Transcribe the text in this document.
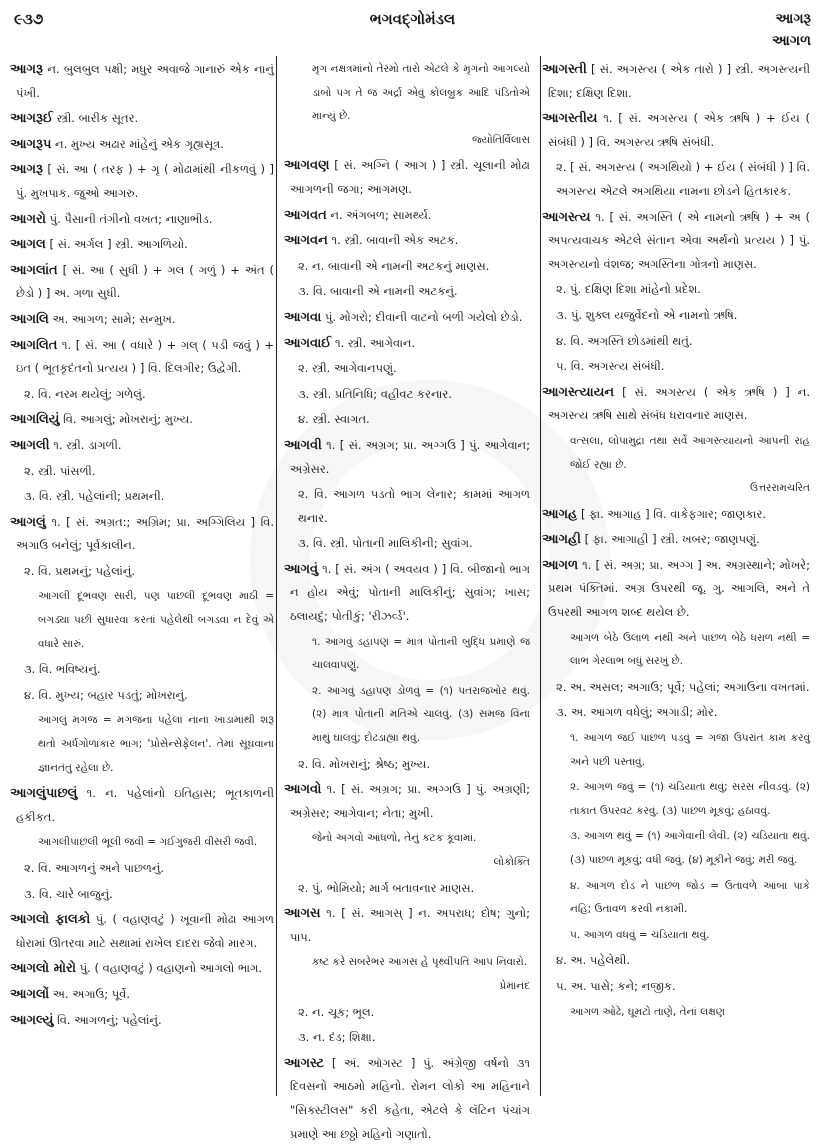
૯૩૭	ભગવદ્ગોમંડલ	આગરૂ
આગળ
આગરૂ ન. બુલબુલ પક્ષી; મધુર અવાજે ગાનારું એક નાનું પંખી.
આગરૂઈ સ્ત્રી. બારીક સૂતર.
આગરૂપ ન. મુખ્ય અઢાર માંહેનું એક ગૃહ્યસૂત્ર.
આગરૂ [ સં. આ ( તરફ ) + ગૃ ( મોઢામાંથી નીકળવું ) ] પું. મુખપાક. જુઓ આગરુ.
આગરો પું. પૈસાની તંગીનો વખત; નાણાભીડ.
આગલ [ સં. અર્ગલ ] સ્ત્રી. આગળિયો.
આગલાંત [ સં. આ ( સુધી ) + ગલ ( ગળું ) + અંત ( છેડો ) ] અ. ગળા સુધી.
આગલિ અ. આગળ; સામે; સન્મુખ.
આગલિત ૧. [ સં. આ ( વધારે ) + ગલ્ ( પડી જવું ) + ઇત ( ભૂતકૃદંતનો પ્રત્યય ) ] વિ. દિલગીર; ઉદ્વેગી.
૨. વિ. નરમ થયેલું; ગળેલું.
આગલિયું વિ. આગલું; મોખરાનું; મુખ્ય.
આગલી ૧. સ્ત્રી. ડાગળી.
૨. સ્ત્રી. પાંસળી.
૩. વિ. સ્ત્રી. પહેલાંની; પ્રથમની.
આગલું ૧. [ સં. અગ્રત:; અગ્રિમ; પ્રા. અગ્ગિલિય ] વિ. અગાઉ બનેલું; પૂર્વકાલીન.
૨. વિ. પ્રથમનું; પહેલાંનું.
આગલી દૂભવણ સારી, પણ પાછલી દૂભવણ માઠી = બગડ્યા પછી સુધારવા કરતાં પહેલેથી બગડવા ન દેવું એ વધારે સારું.
૩. વિ. ભવિષ્યનું.
૪. વિ. મુખ્ય; બહાર પડતું; મોખરાનું.
આગલું મગજ = મગજના પહેલા નાના ખાડામાંથી શરૂ થતો અર્ધગોળાકાર ભાગ; 'પ્રોસેન્સેફેલન'. તેમાં સૂંઘવાના જ્ઞાનતંતુ રહેલા છે.
આગલુંપાછલું ૧. ન. પહેલાંનો ઇતિહાસ; ભૂતકાળની હકીકત.
આગલીપાછલી ભૂલી જવી = ગઈગુજરી વીસરી જવી.
૨. વિ. આગળનું અને પાછળનું.
૩. વિ. ચારે બાજુનું.
આગલો ફાલકો પું. ( વહાણવટું ) ખૂવાની મોઢા આગળ ધોરામાં ઊતરવા માટે સથામાં રાખેલ દાદરા જેવો મારગ.
આગલો મોરો પું. ( વહાણવટું ) વહાણનો આગલો ભાગ.
આગલોં અ. અગાઉ; પૂર્વે.
આગલ્યું વિ. આગળનું; પહેલાંનું.
મૃગ નક્ષત્રમાંનો તેરમો તારો એટલે કે મૃગનો આગલ્યો ડાબો પગ તે જ અર્દ્રા એવું કોલબ્રુક આદિ પંડિતોએ માન્યું છે.
જ્યોતિર્વિલાસ
આગવણ [ સં. અગ્નિ ( આગ ) ] સ્ત્રી. ચૂલાની મોઢા આગળની જગા; આગમણ.
આગવત ન. અંગબળ; સામર્થ્ય.
આગવન ૧. સ્ત્રી. બાવાની એક અટક.
૨. ન. બાવાની એ નામની અટકનું માણસ.
૩. વિ. બાવાની એ નામની અટકનું.
આગવા પું. મોગરો; દીવાની વાટનો બળી ગયેલો છેડો.
આગવાઈ ૧. સ્ત્રી. આગેવાન.
૨. સ્ત્રી. આગેવાનપણું.
૩. સ્ત્રી. પ્રતિનિધિ; વહીવટ કરનાર.
૪. સ્ત્રી. સ્વાગત.
આગવી ૧. [ સં. અગ્રગ; પ્રા. અગ્ગઉ ] પું. આગેવાન; અગ્રેસર.
૨. વિ. આગળ પડતો ભાગ લેનાર; કામમાં આગળ થનાર.
૩. વિ. સ્ત્રી. પોતાની માલિકીની; સુવાંગ.
આગવું ૧. [ સં. અંગ ( અવયવ ) ] વિ. બીજાનો ભાગ ન હોય એવું; પોતાની માલિકીનું; સુવાંગ; ખાસ; ઠલાયદું; પોતીકું; 'રીઝર્વ્ડ'.
૧. આગવું ડહાપણ = માત્ર પોતાની બુદ્ધિ પ્રમાણે જ ચાલવાપણું.
૨. આગવું ડહાપણ ડોળવું = (૧) પતરાજખોર થવું. (૨) માત્ર પોતાની મતિએ ચાલવું. (૩) સમજ વિના માથું ઘાલવું; દોઢડાહ્યા થવું.
૨. વિ. મોખરાનું; શ્રેષ્ઠ; મુખ્ય.
આગવો ૧. [ સં. અગ્રગ; પ્રા. અગ્ગઉ ] પું. અગ્રણી; અગ્રેસર; આગેવાન; નેતા; મુખી.
જેનો અગવો આંધળો, તેનું કટક કૂવામાં.
લોકોક્તિ
૨. પું. ભોમિયો; માર્ગ બતાવનાર માણસ.
આગસ ૧. [ સં. આગસ્ ] ન. અપરાધ; દોષ; ગુનો; પાપ.
કષ્ટ કરે સબરેભર આગસ હે પૃથ્વીપતિ આપ નિવારો.
પ્રેમાનંદ
૨. ન. ચૂક; ભૂલ.
૩. ન. દંડ; શિક્ષા.
આગસ્ટ [ અં. ઑગસ્ટ ] પું. અંગ્રેજી વર્ષનો ૩૧ દિવસનો આઠમો મહિનો. રોમન લોકો આ મહિનાને "સિક્સ્ટીલસ" કરી કહેતા, એટલે કે લૅટિન પંચાંગ પ્રમાણે આ છઠ્ઠો મહિનો ગણાતો.
આગસ્તી [ સં. અગસ્ત્ય ( એક તારો ) ] સ્ત્રી. અગસ્ત્યની દિશા; દક્ષિણ દિશા.
આગસ્તીય ૧. [ સં. અગસ્ત્ય ( એક ઋષિ ) + ઈય ( સંબંધી ) ] વિ. અગસ્ત્ય ઋષિ સંબંધી.
૨. [ સં. અગસ્ત્ય ( અગથિયો ) + ઈય ( સંબંધી ) ] વિ. અગસ્ત્ય એટલે અગથિયા નામના છોડને હિતકારક.
આગસ્ત્ય ૧. [ સં. અગસ્તિ ( એ નામનો ઋષિ ) + અ ( અપત્યવાચક એટલે સંતાન એવા અર્થનો પ્રત્યય ) ] પું. અગસ્ત્યનો વંશજ; અગસ્તિના ગોત્રનો માણસ.
૨. પું. દક્ષિણ દિશા માંહેનો પ્રદેશ.
૩. પું. શુક્લ યજુર્વેદનો એ નામનો ઋષિ.
૪. વિ. અગસ્તિ છોડમાંથી થતું.
૫. વિ. અગસ્ત્ય સંબંધી.
આગસ્ત્યાયન [ સં. અગસ્ત્ય ( એક ઋષિ ) ] ન. અગસ્ત્ય ઋષિ સાથે સંબંધ ધરાવનાર માણસ.
વત્સલા, લોપામુદ્રા તથા સર્વે આગસ્ત્યાયનો આપની રાહ જોઈ રહ્યા છે.
ઉત્તરરામચરિત
આગહ [ ફા. આગાહ ] વિ. વાકેફગાર; જાણકાર.
આગહી [ ફા. આગાહી ] સ્ત્રી. ખબર; જાણપણું.
આગળ ૧. [ સં. અગ્ર; પ્રા. અગ્ગ ] અ. અગ્રસ્થાને; મોખરે; પ્રથમ પંક્તિમાં. અગ્ર ઉપરથી જૂ. ગુ. આગલિ, અને તે ઉપરથી આગળ શબ્દ થયેલ છે.
આગળ બેઠે ઉલાળ નથી અને પાછળ બેઠે ધરાળ નથી = લાભ ગેરલાભ બધું સરખું છે.
૨. અ. અસલ; અગાઉ; પૂર્વે; પહેલાં; અગાઉના વખતમાં.
૩. અ. આગળ વધેલું; અગાડી; મોર.
૧. આગળ જઈ પાછળ પડવું = ગજા ઉપરાંત કામ કરવું અને પછી પસ્તાવું.
૨. આગળ જવું = (૧) ચડિયાતા થવું; સરસ નીવડવું. (૨) તાકાત ઉપરવટ કરવું. (૩) પાછળ મૂકવું; હઠાવવું.
૩. આગળ થવું = (૧) આગેવાની લેવી. (૨) ચડિયાતા થવું. (૩) પાછળ મૂકવું; વધી જવું. (૪) મૂકીને જવું; મરી જવું.
૪. આગળ દોડ ને પાછળ જોડ = ઉતાવળે આંબા પાકે નહિ; ઉતાવળ કરવી નકામી.
૫. આગળ વધવું = ચડિયાતા થવું.
૪. અ. પહેલેથી.
૫. અ. પાસે; કને; નજીક.
આગળ ઓઢે, ઘૂમટો તાણે, તેનાં લક્ષણ
